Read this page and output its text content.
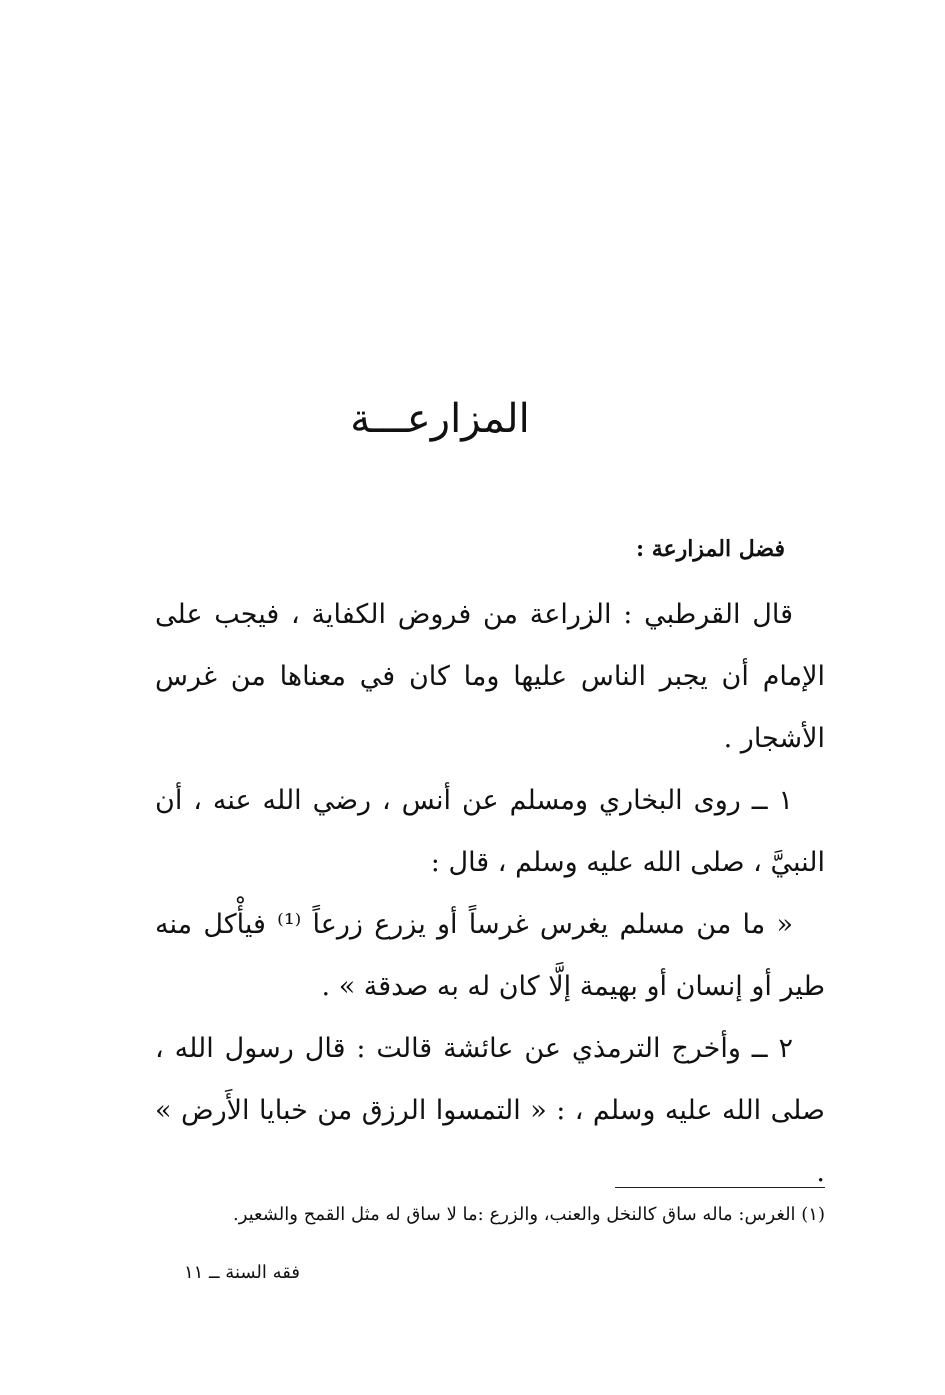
المزارعـــة
فضل المزارعة :

قال القرطبي : الزراعة من فروض الكفاية ، فيجب على الإمام أن يجبر الناس عليها وما كان في معناها من غرس الأشجار .

١ ــ روى البخاري ومسلم عن أنس ، رضي الله عنه ، أن النبيَّ ، صلى الله عليه وسلم ، قال :

« ما من مسلم يغرس غرساً أو يزرع زرعاً ⁽¹⁾ فيأْكل منه طير أو إنسان أو بهيمة إلَّا كان له به صدقة » .

٢ ــ وأخرج الترمذي عن عائشة قالت : قال رسول الله ، صلى الله عليه وسلم ، : « التمسوا الرزق من خبايا الأَرض » .

(١) الغرس: ماله ساق كالنخل والعنب، والزرع :ما لا ساق له مثل القمح والشعير.
فقه السنة ــ ١١
